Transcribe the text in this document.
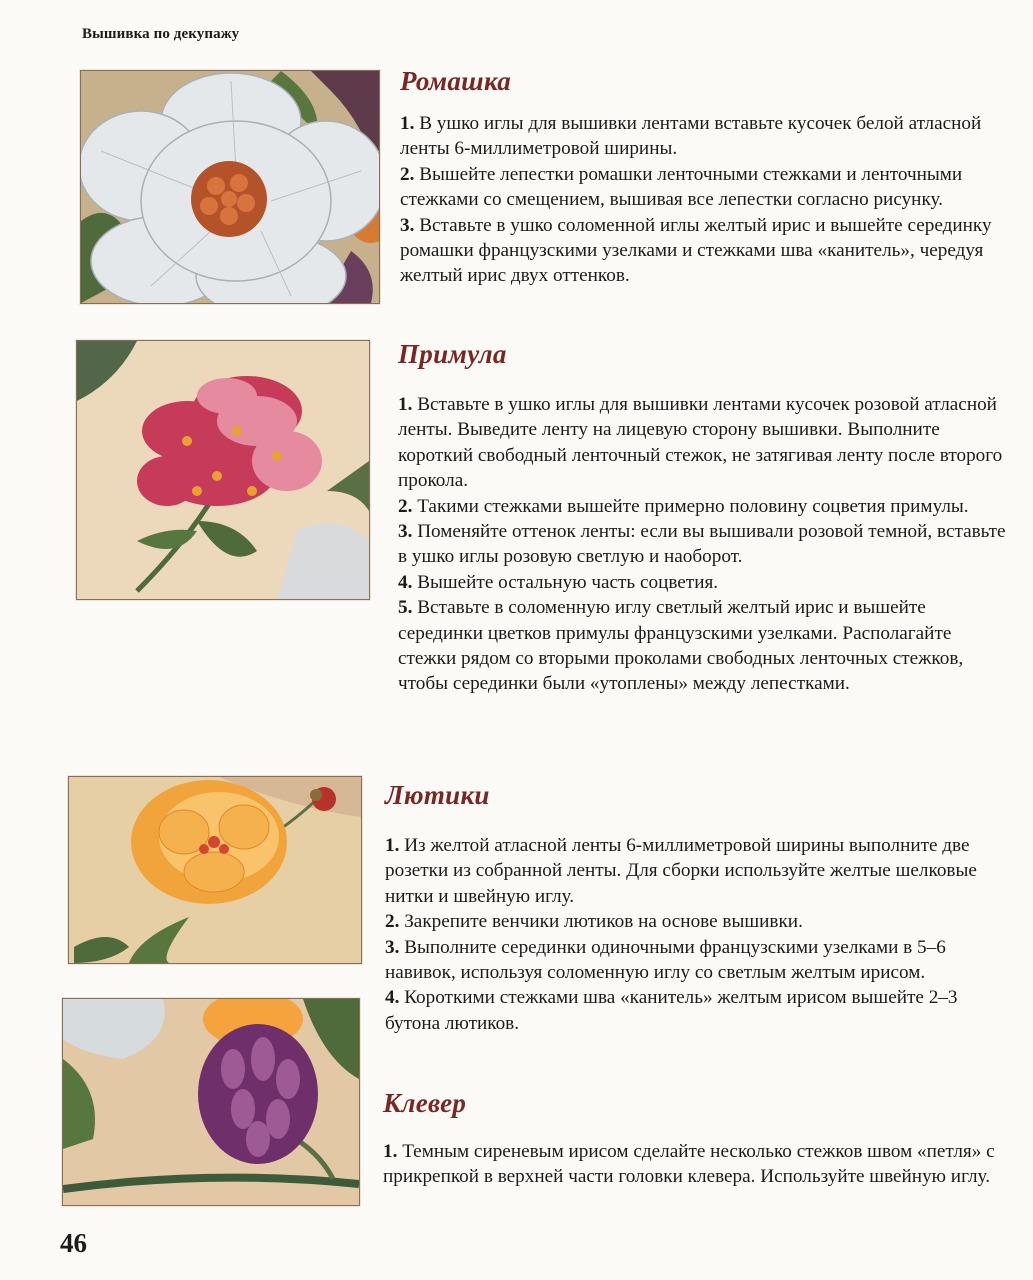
Вышивка по декупажу
Ромашка
1. В ушко иглы для вышивки лентами вставьте кусочек белой атласной ленты 6-миллиметровой ширины.
2. Вышейте лепестки ромашки ленточными стежками и ленточными стежками со смещением, вышивая все лепестки согласно рисунку.
3. Вставьте в ушко соломенной иглы желтый ирис и вышейте серединку ромашки французскими узелками и стежками шва «канитель», чередуя желтый ирис двух оттенков.
Примула
1. Вставьте в ушко иглы для вышивки лентами кусочек розовой атласной ленты. Выведите ленту на лицевую сторону вышивки. Выполните короткий свободный ленточный стежок, не затягивая ленту после второго прокола.
2. Такими стежками вышейте примерно половину соцветия примулы.
3. Поменяйте оттенок ленты: если вы вышивали розовой темной, вставьте в ушко иглы розовую светлую и наоборот.
4. Вышейте остальную часть соцветия.
5. Вставьте в соломенную иглу светлый желтый ирис и вышейте серединки цветков примулы французскими узелками. Располагайте стежки рядом со вторыми проколами свободных ленточных стежков, чтобы серединки были «утоплены» между лепестками.
Лютики
1. Из желтой атласной ленты 6-миллиметровой ширины выполните две розетки из собранной ленты. Для сборки используйте желтые шелковые нитки и швейную иглу.
2. Закрепите венчики лютиков на основе вышивки.
3. Выполните серединки одиночными французскими узелками в 5–6 навивок, используя соломенную иглу со светлым желтым ирисом.
4. Короткими стежками шва «канитель» желтым ирисом вышейте 2–3 бутона лютиков.
Клевер
1. Темным сиреневым ирисом сделайте несколько стежков швом «петля» с прикрепкой в верхней части головки клевера. Используйте швейную иглу.
46
